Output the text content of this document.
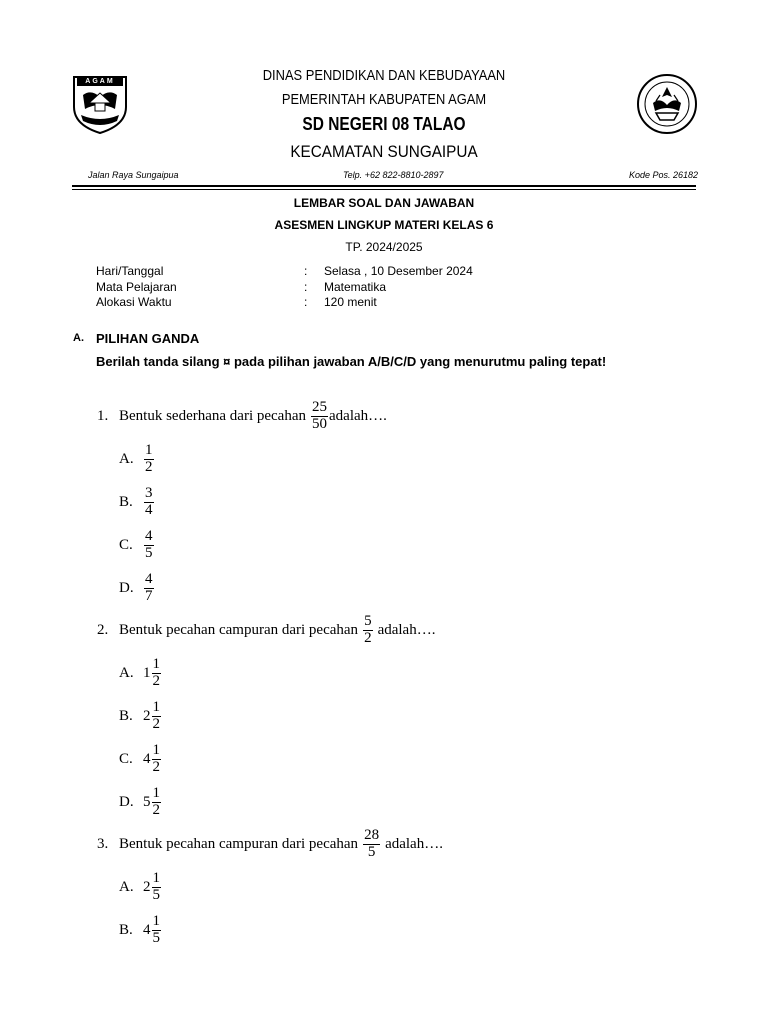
AGAM	DINAS PENDIDIKAN DAN KEBUDAYAAN
PEMERINTAH KABUPATEN AGAM
SD NEGERI 08 TALAO
KECAMATAN SUNGAIPUA
Jalan Raya Sungaipua	Telp. +62 822-8810-2897	Kode Pos. 26182
LEMBAR SOAL DAN JAWABAN
ASESMEN LINGKUP MATERI KELAS 6
TP. 2024/2025
Hari/Tanggal	: Selasa , 10 Desember 2024
Mata Pelajaran	: Matematika
Alokasi Waktu	: 120 menit
A. PILIHAN GANDA
Berilah tanda silang ¤ pada pilihan jawaban A/B/C/D yang menurutmu paling tepat!
1. Bentuk sederhana dari pecahan $\frac{25}{50}$ adalah….
A. $\frac{1}{2}$
B. $\frac{3}{4}$
C. $\frac{4}{5}$
D. $\frac{4}{7}$
2. Bentuk pecahan campuran dari pecahan $\frac{5}{2}$ adalah….
A. $1 \frac{1}{2}$
B. $2 \frac{1}{2}$
C. $4 \frac{1}{2}$
D. $5 \frac{1}{2}$
3. Bentuk pecahan campuran dari pecahan $\frac{28}{5}$ adalah….
A. $2 \frac{1}{5}$
B. $4 \frac{1}{5}$
